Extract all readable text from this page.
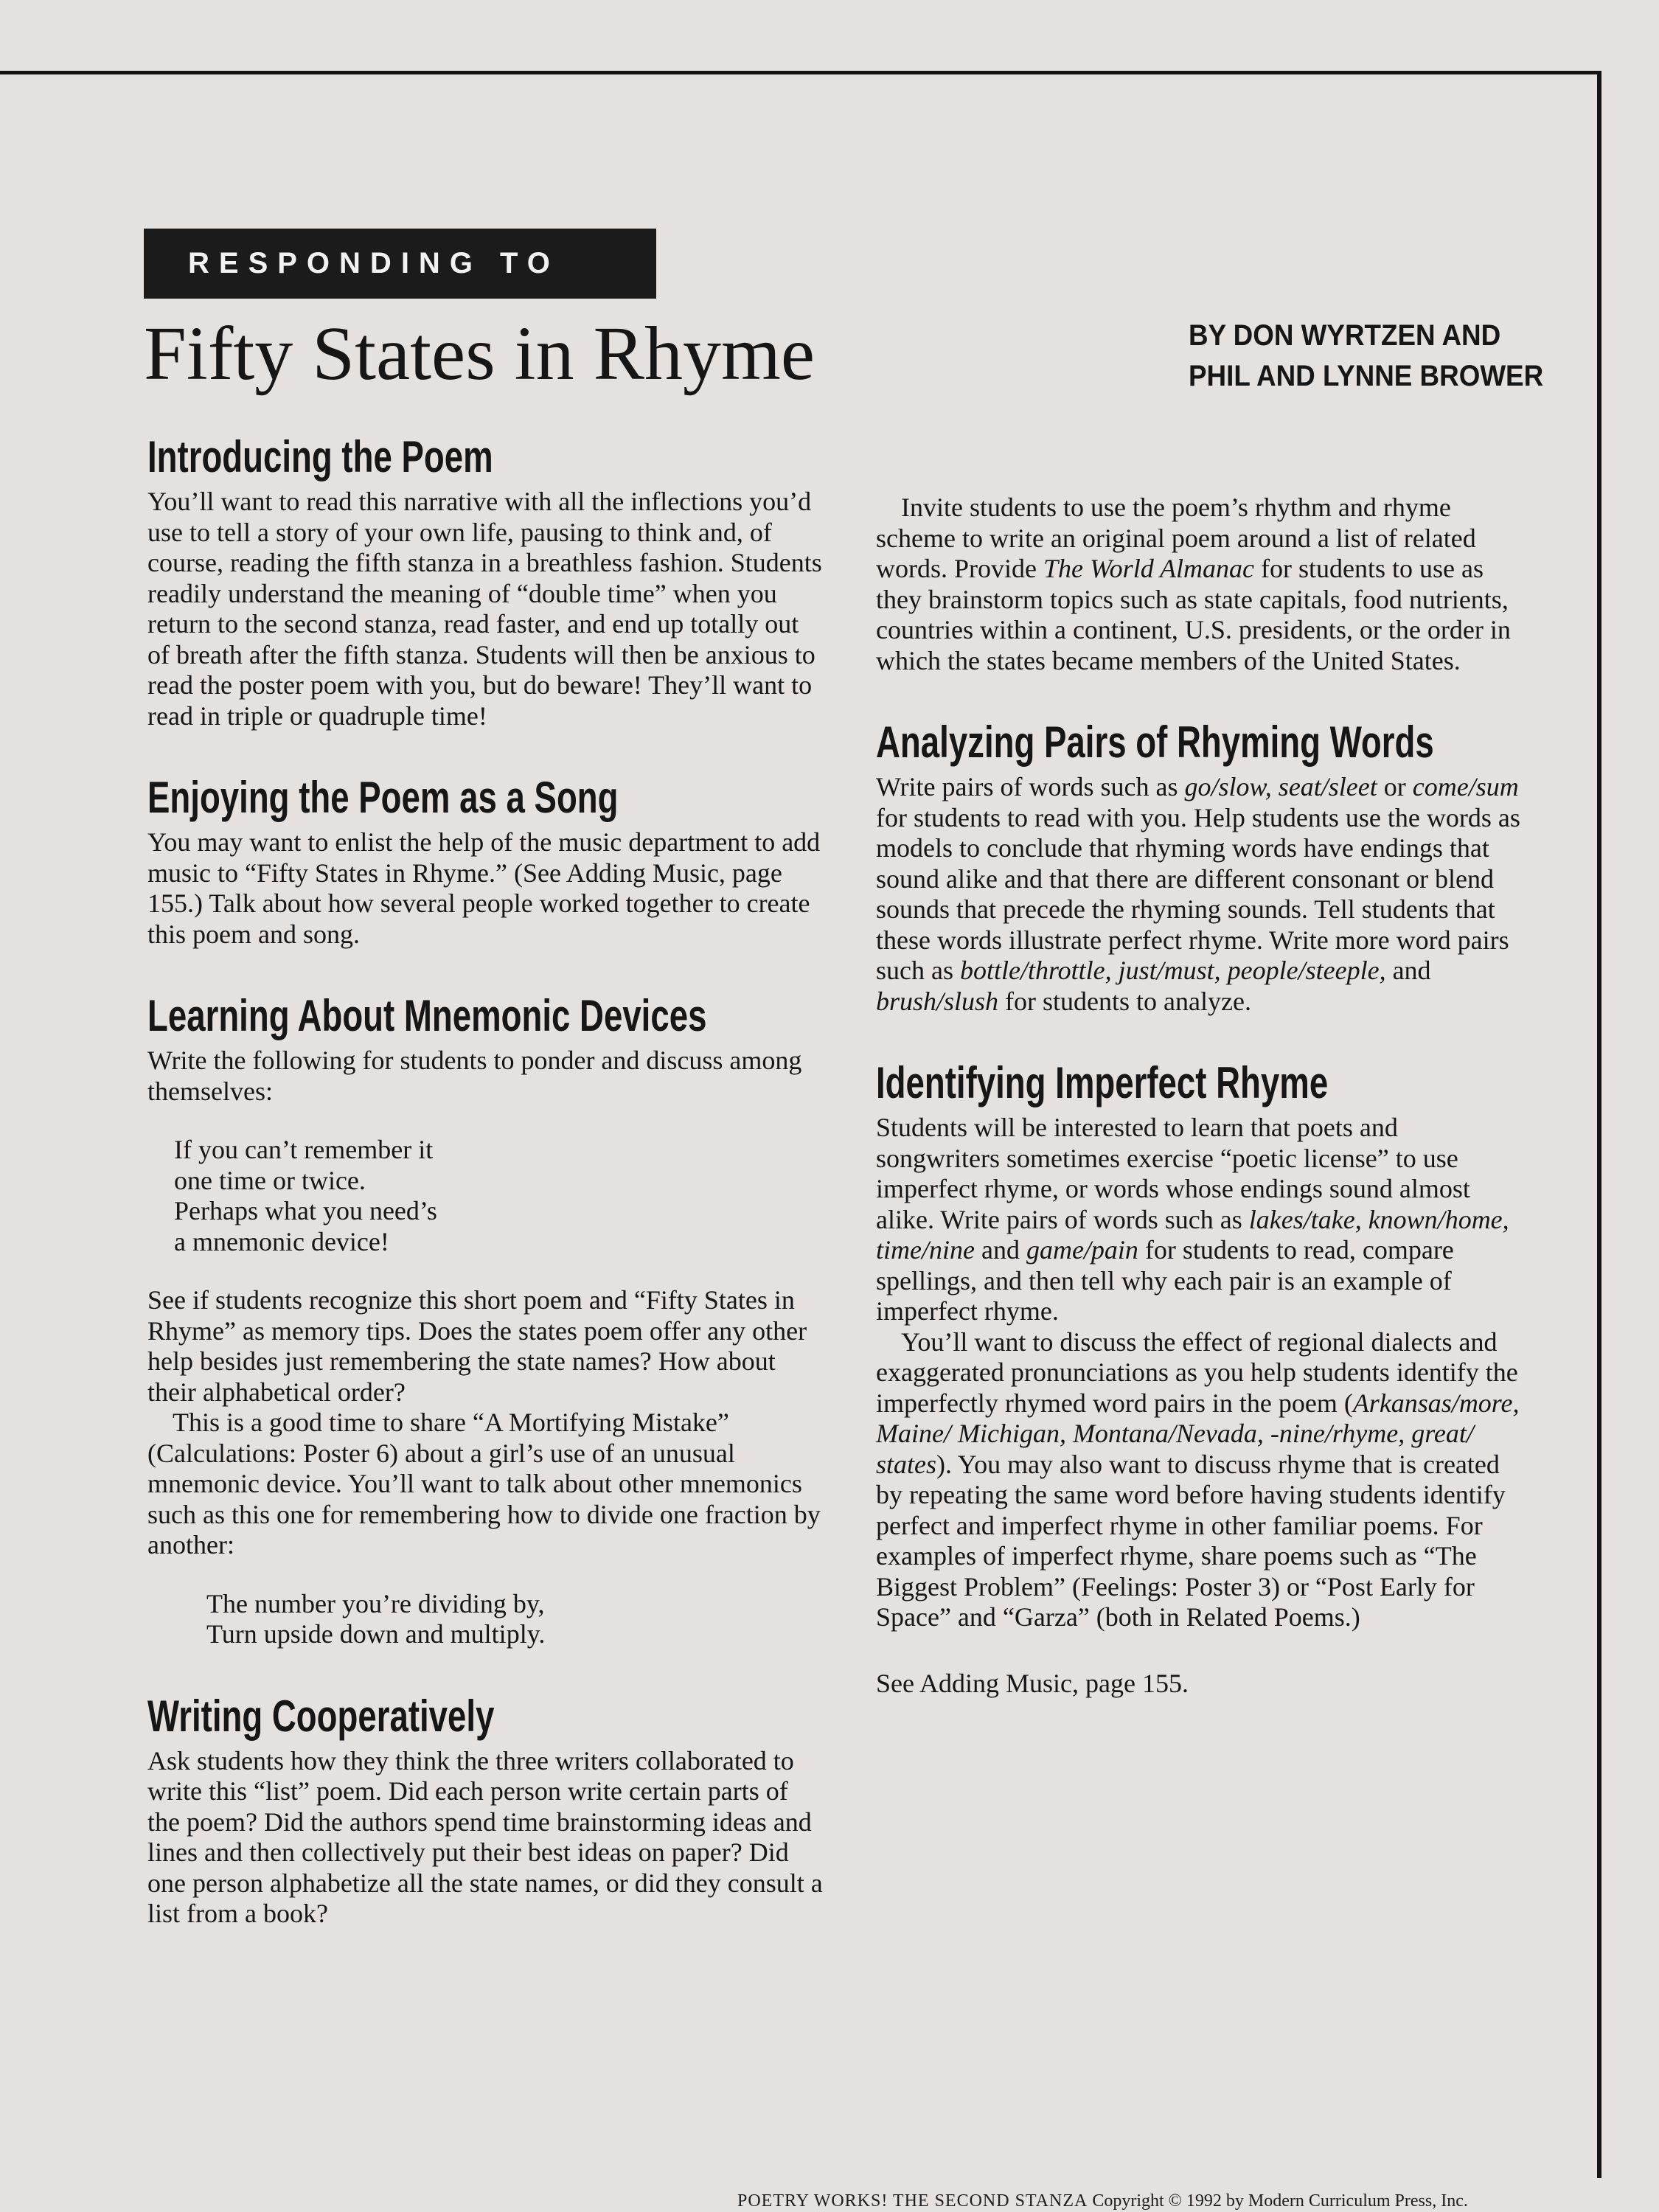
RESPONDING TO
Fifty States in Rhyme	BY DON WYRTZEN AND
PHIL AND LYNNE BROWER
Introducing the Poem

You’ll want to read this narrative with all the inflections you’d use to tell a story of your own life, pausing to think and, of course, reading the fifth stanza in a breathless fashion. Students readily understand the meaning of “double time” when you return to the second stanza, read faster, and end up totally out of breath after the fifth stanza. Students will then be anxious to read the poster poem with you, but do beware! They’ll want to read in triple or quadruple time!

Enjoying the Poem as a Song

You may want to enlist the help of the music department to add music to “Fifty States in Rhyme.” (See Adding Music, page 155.) Talk about how several people worked together to create this poem and song.

Learning About Mnemonic Devices

Write the following for students to ponder and discuss among themselves:

If you can’t remember it
one time or twice.
Perhaps what you need’s
a mnemonic device!

See if students recognize this short poem and “Fifty States in Rhyme” as memory tips. Does the states poem offer any other help besides just remembering the state names? How about their alphabetical order?

This is a good time to share “A Mortifying Mistake” (Calculations: Poster 6) about a girl’s use of an unusual mnemonic device. You’ll want to talk about other mnemonics such as this one for remembering how to divide one fraction by another:

The number you’re dividing by,
Turn upside down and multiply.
Writing Cooperatively

Ask students how they think the three writers collaborated to write this “list” poem. Did each person write certain parts of the poem? Did the authors spend time brainstorming ideas and lines and then collectively put their best ideas on paper? Did one person alphabetize all the state names, or did they consult a list from a book?

Invite students to use the poem’s rhythm and rhyme scheme to write an original poem around a list of related words. Provide The World Almanac for students to use as they brainstorm topics such as state capitals, food nutrients, countries within a continent, U.S. presidents, or the order in which the states became members of the United States.

Analyzing Pairs of Rhyming Words

Write pairs of words such as go/slow, seat/sleet or come/sum for students to read with you. Help students use the words as models to conclude that rhyming words have endings that sound alike and that there are different consonant or blend sounds that precede the rhyming sounds. Tell students that these words illustrate perfect rhyme. Write more word pairs such as bottle/throttle, just/must, people/steeple, and brush/slush for students to analyze.

Identifying Imperfect Rhyme

Students will be interested to learn that poets and songwriters sometimes exercise “poetic license” to use imperfect rhyme, or words whose endings sound almost alike. Write pairs of words such as lakes/take, known/home, time/nine and game/pain for students to read, compare spellings, and then tell why each pair is an example of imperfect rhyme.

You’ll want to discuss the effect of regional dialects and exaggerated pronunciations as you help students identify the imperfectly rhymed word pairs in the poem (Arkansas/more, Maine/ Michigan, Montana/Nevada, -nine/rhyme, great/ states). You may also want to discuss rhyme that is created by repeating the same word before having students identify perfect and imperfect rhyme in other familiar poems. For examples of imperfect rhyme, share poems such as “The Biggest Problem” (Feelings: Poster 3) or “Post Early for Space” and “Garza” (both in Related Poems.)

See Adding Music, page 155.

POETRY WORKS! THE SECOND STANZA Copyright © 1992 by Modern Curriculum Press, Inc.
